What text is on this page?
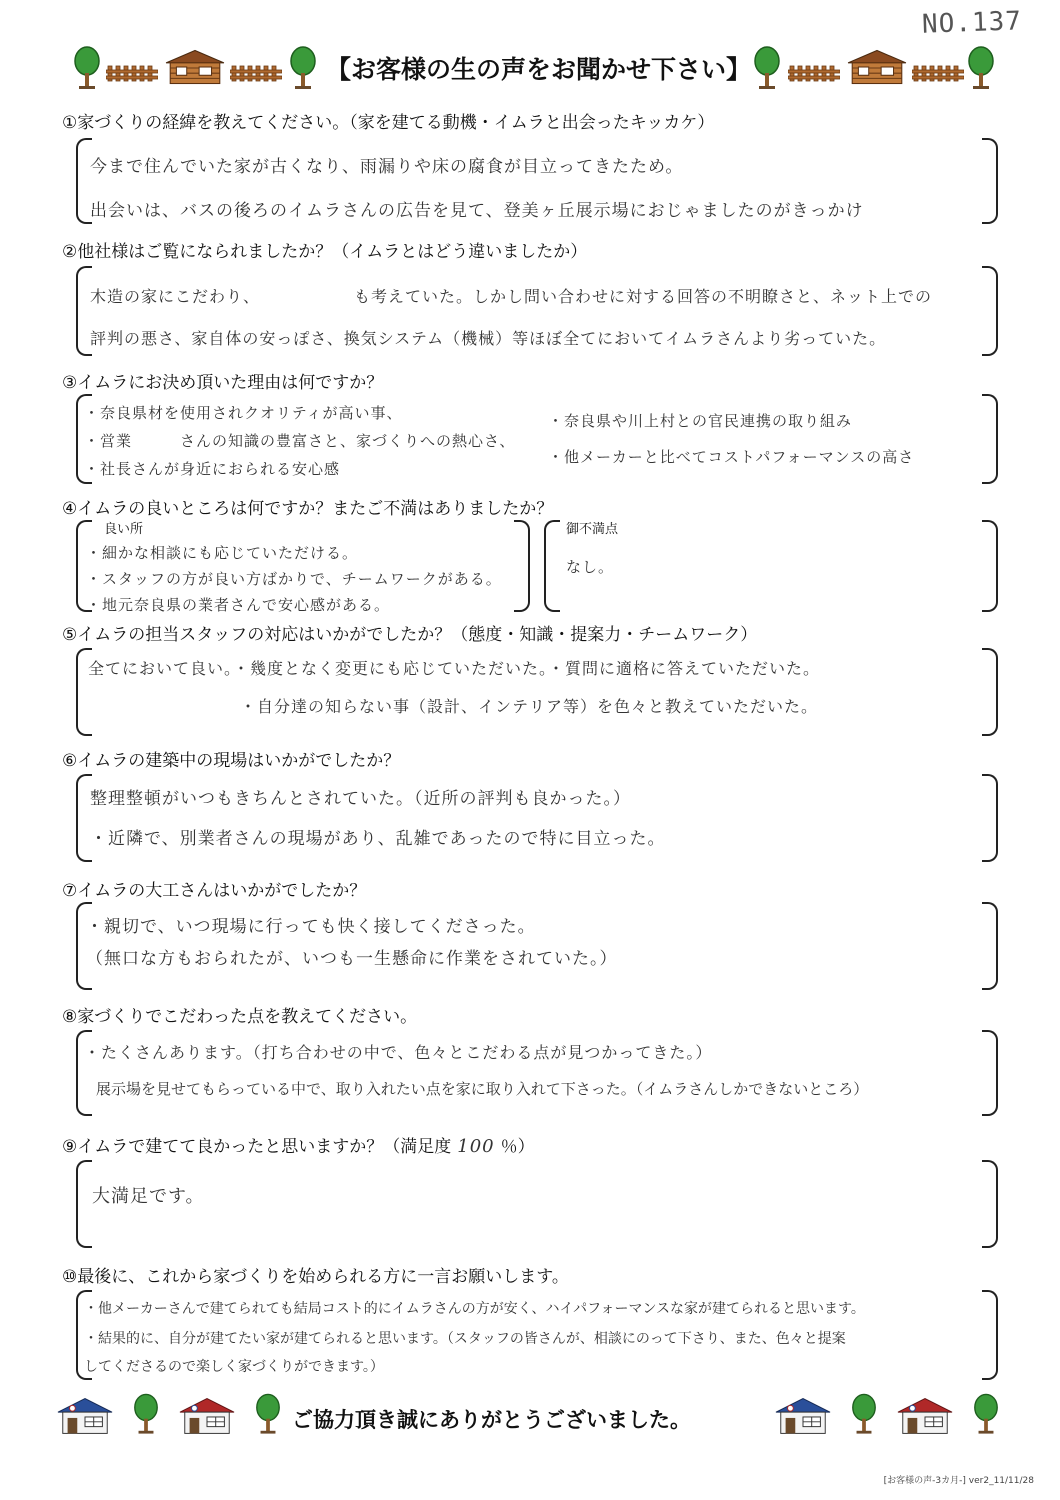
NO.137
【お客様の生の声をお聞かせ下さい】
①家づくりの経緯を教えてください。（家を建てる動機・イムラと出会ったキッカケ）
今まで住んでいた家が古くなり、雨漏りや床の腐食が目立ってきたため。
出会いは、バスの後ろのイムラさんの広告を見て、登美ヶ丘展示場におじゃましたのがきっかけ
②他社様はご覧になられましたか？（イムラとはどう違いましたか）
木造の家にこだわり、　　　　　　も考えていた。しかし問い合わせに対する回答の不明瞭さと、ネット上での
評判の悪さ、家自体の安っぽさ、換気システム（機械）等ほぼ全てにおいてイムラさんより劣っていた。
③イムラにお決め頂いた理由は何ですか？
・奈良県材を使用されクオリティが高い事、
・営業　　　さんの知識の豊富さと、家づくりへの熱心さ、
・社長さんが身近におられる安心感
・奈良県や川上村との官民連携の取り組み
・他メーカーと比べてコストパフォーマンスの高さ
④イムラの良いところは何ですか？またご不満はありましたか？
良い所	御不満点
・細かな相談にも応じていただける。
・スタッフの方が良い方ばかりで、チームワークがある。
・地元奈良県の業者さんで安心感がある。
なし。
⑤イムラの担当スタッフの対応はいかがでしたか？（態度・知識・提案力・チームワーク）
全てにおいて良い。・幾度となく変更にも応じていただいた。・質問に適格に答えていただいた。
・自分達の知らない事（設計、インテリア等）を色々と教えていただいた。
⑥イムラの建築中の現場はいかがでしたか？
整理整頓がいつもきちんとされていた。（近所の評判も良かった。）
・近隣で、別業者さんの現場があり、乱雑であったので特に目立った。
⑦イムラの大工さんはいかがでしたか？
・親切で、いつ現場に行っても快く接してくださった。
（無口な方もおられたが、いつも一生懸命に作業をされていた。）
⑧家づくりでこだわった点を教えてください。
・たくさんあります。（打ち合わせの中で、色々とこだわる点が見つかってきた。）
展示場を見せてもらっている中で、取り入れたい点を家に取り入れて下さった。（イムラさんしかできないところ）
⑨イムラで建てて良かったと思いますか？（満足度 100 ％）
大満足です。
⑩最後に、これから家づくりを始められる方に一言お願いします。
・他メーカーさんで建てられても結局コスト的にイムラさんの方が安く、ハイパフォーマンスな家が建てられると思います。
・結果的に、自分が建てたい家が建てられると思います。（スタッフの皆さんが、相談にのって下さり、また、色々と提案
してくださるので楽しく家づくりができます。）
ご協力頂き誠にありがとうございました。
[お客様の声-3カ月-] ver2_11/11/28
